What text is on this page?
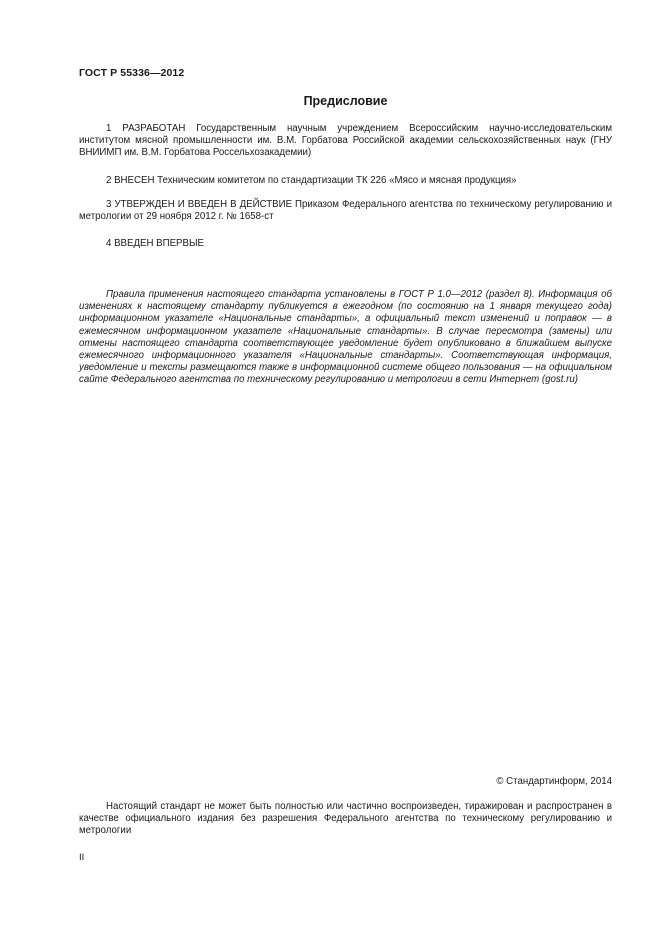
ГОСТ Р 55336—2012
Предисловие

1 РАЗРАБОТАН Государственным научным учреждением Всероссийским научно-исследовательским институтом мясной промышленности им. В.М. Горбатова Российской академии сельскохозяйственных наук (ГНУ ВНИИМП им. В.М. Горбатова Россельхозакадемии)

2 ВНЕСЕН Техническим комитетом по стандартизации ТК 226 «Мясо и мясная продукция»

3 УТВЕРЖДЕН И ВВЕДЕН В ДЕЙСТВИЕ Приказом Федерального агентства по техническому регулированию и метрологии от 29 ноября 2012 г. № 1658-ст

4 ВВЕДЕН ВПЕРВЫЕ

Правила применения настоящего стандарта установлены в ГОСТ Р 1.0—2012 (раздел 8). Информация об изменениях к настоящему стандарту публикуется в ежегодном (по состоянию на 1 января текущего года) информационном указателе «Национальные стандарты», а официальный текст изменений и поправок — в ежемесячном информационном указателе «Национальные стандарты». В случае пересмотра (замены) или отмены настоящего стандарта соответствующее уведомление будет опубликовано в ближайшем выпуске ежемесячного информационного указателя «Национальные стандарты». Соответствующая информация, уведомление и тексты размещаются также в информационной системе общего пользования — на официальном сайте Федерального агентства по техническому регулированию и метрологии в сети Интернет (gost.ru)

© Стандартинформ, 2014

Настоящий стандарт не может быть полностью или частично воспроизведен, тиражирован и распространен в качестве официального издания без разрешения Федерального агентства по техническому регулированию и метрологии

II
